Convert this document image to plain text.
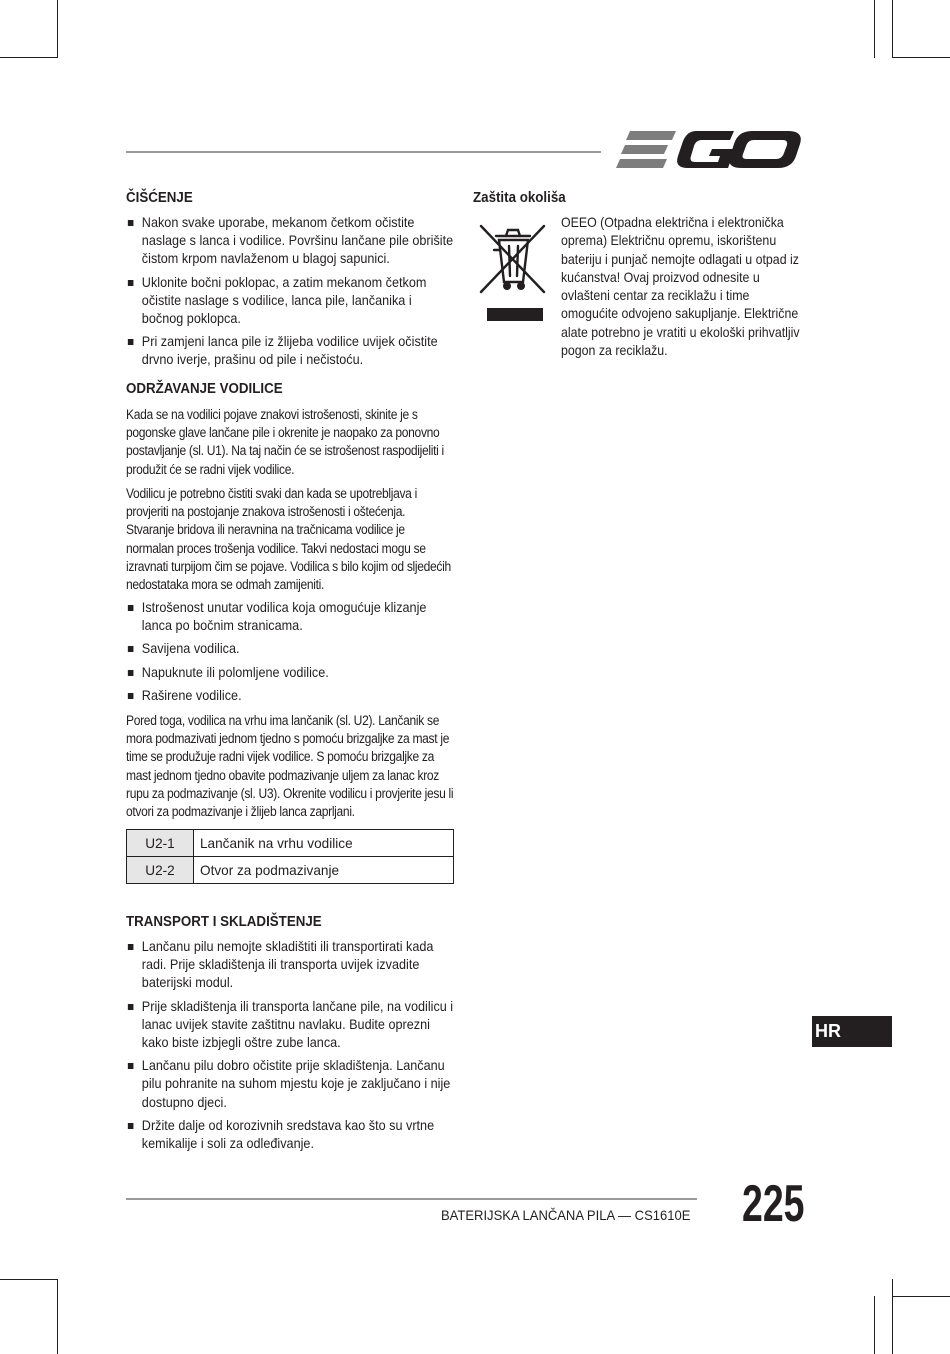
ČIŠĆENJE
Nakon svake uporabe, mekanom četkom očistite naslage s lanca i vodilice. Površinu lančane pile obrišite čistom krpom navlaženom u blagoj sapunici.
Uklonite bočni poklopac, a zatim mekanom četkom očistite naslage s vodilice, lanca pile, lančanika i bočnog poklopca.
Pri zamjeni lanca pile iz žlijeba vodilice uvijek očistite drvno iverje, prašinu od pile i nečistoću.
ODRŽAVANJE VODILICE

Kada se na vodilici pojave znakovi istrošenosti, skinite je s pogonske glave lančane pile i okrenite je naopako za ponovno postavljanje (sl. U1). Na taj način će se istrošenost raspodijeliti i produžit će se radni vijek vodilice.

Vodilicu je potrebno čistiti svaki dan kada se upotrebljava i provjeriti na postojanje znakova istrošenosti i oštećenja. Stvaranje bridova ili neravnina na tračnicama vodilice je normalan proces trošenja vodilice. Takvi nedostaci mogu se izravnati turpijom čim se pojave. Vodilica s bilo kojim od sljedećih nedostataka mora se odmah zamijeniti.

Istrošenost unutar vodilica koja omogućuje klizanje lanca po bočnim stranicama.
Savijena vodilica.
Napuknute ili polomljene vodilice.
Raširene vodilice.

Pored toga, vodilica na vrhu ima lančanik (sl. U2). Lančanik se mora podmazivati jednom tjedno s pomoću brizgaljke za mast je time se produžuje radni vijek vodilice. S pomoću brizgaljke za mast jednom tjedno obavite podmazivanje uljem za lanac kroz rupu za podmazivanje (sl. U3). Okrenite vodilicu i provjerite jesu li otvori za podmazivanje i žlijeb lanca zaprljani.

U2-1	Lančanik na vrhu vodilice
U2-2	Otvor za podmazivanje
TRANSPORT I SKLADIŠTENJE
Lančanu pilu nemojte skladištiti ili transportirati kada radi. Prije skladištenja ili transporta uvijek izvadite baterijski modul.
Prije skladištenja ili transporta lančane pile, na vodilicu i lanac uvijek stavite zaštitnu navlaku. Budite oprezni kako biste izbjegli oštre zube lanca.
Lančanu pilu dobro očistite prije skladištenja. Lančanu pilu pohranite na suhom mjestu koje je zaključano i nije dostupno djeci.
Držite dalje od korozivnih sredstava kao što su vrtne kemikalije i soli za odleđivanje.
Zaštita okoliša

OEEO (Otpadna električna i elektronička oprema) Električnu opremu, iskorištenu bateriju i punjač nemojte odlagati u otpad iz kućanstva! Ovaj proizvod odnesite u ovlašteni centar za reciklažu i time omogućite odvojeno sakupljanje. Električne alate potrebno je vratiti u ekološki prihvatljiv pogon za reciklažu.

HR
BATERIJSKA LANČANA PILA — CS1610E 225
